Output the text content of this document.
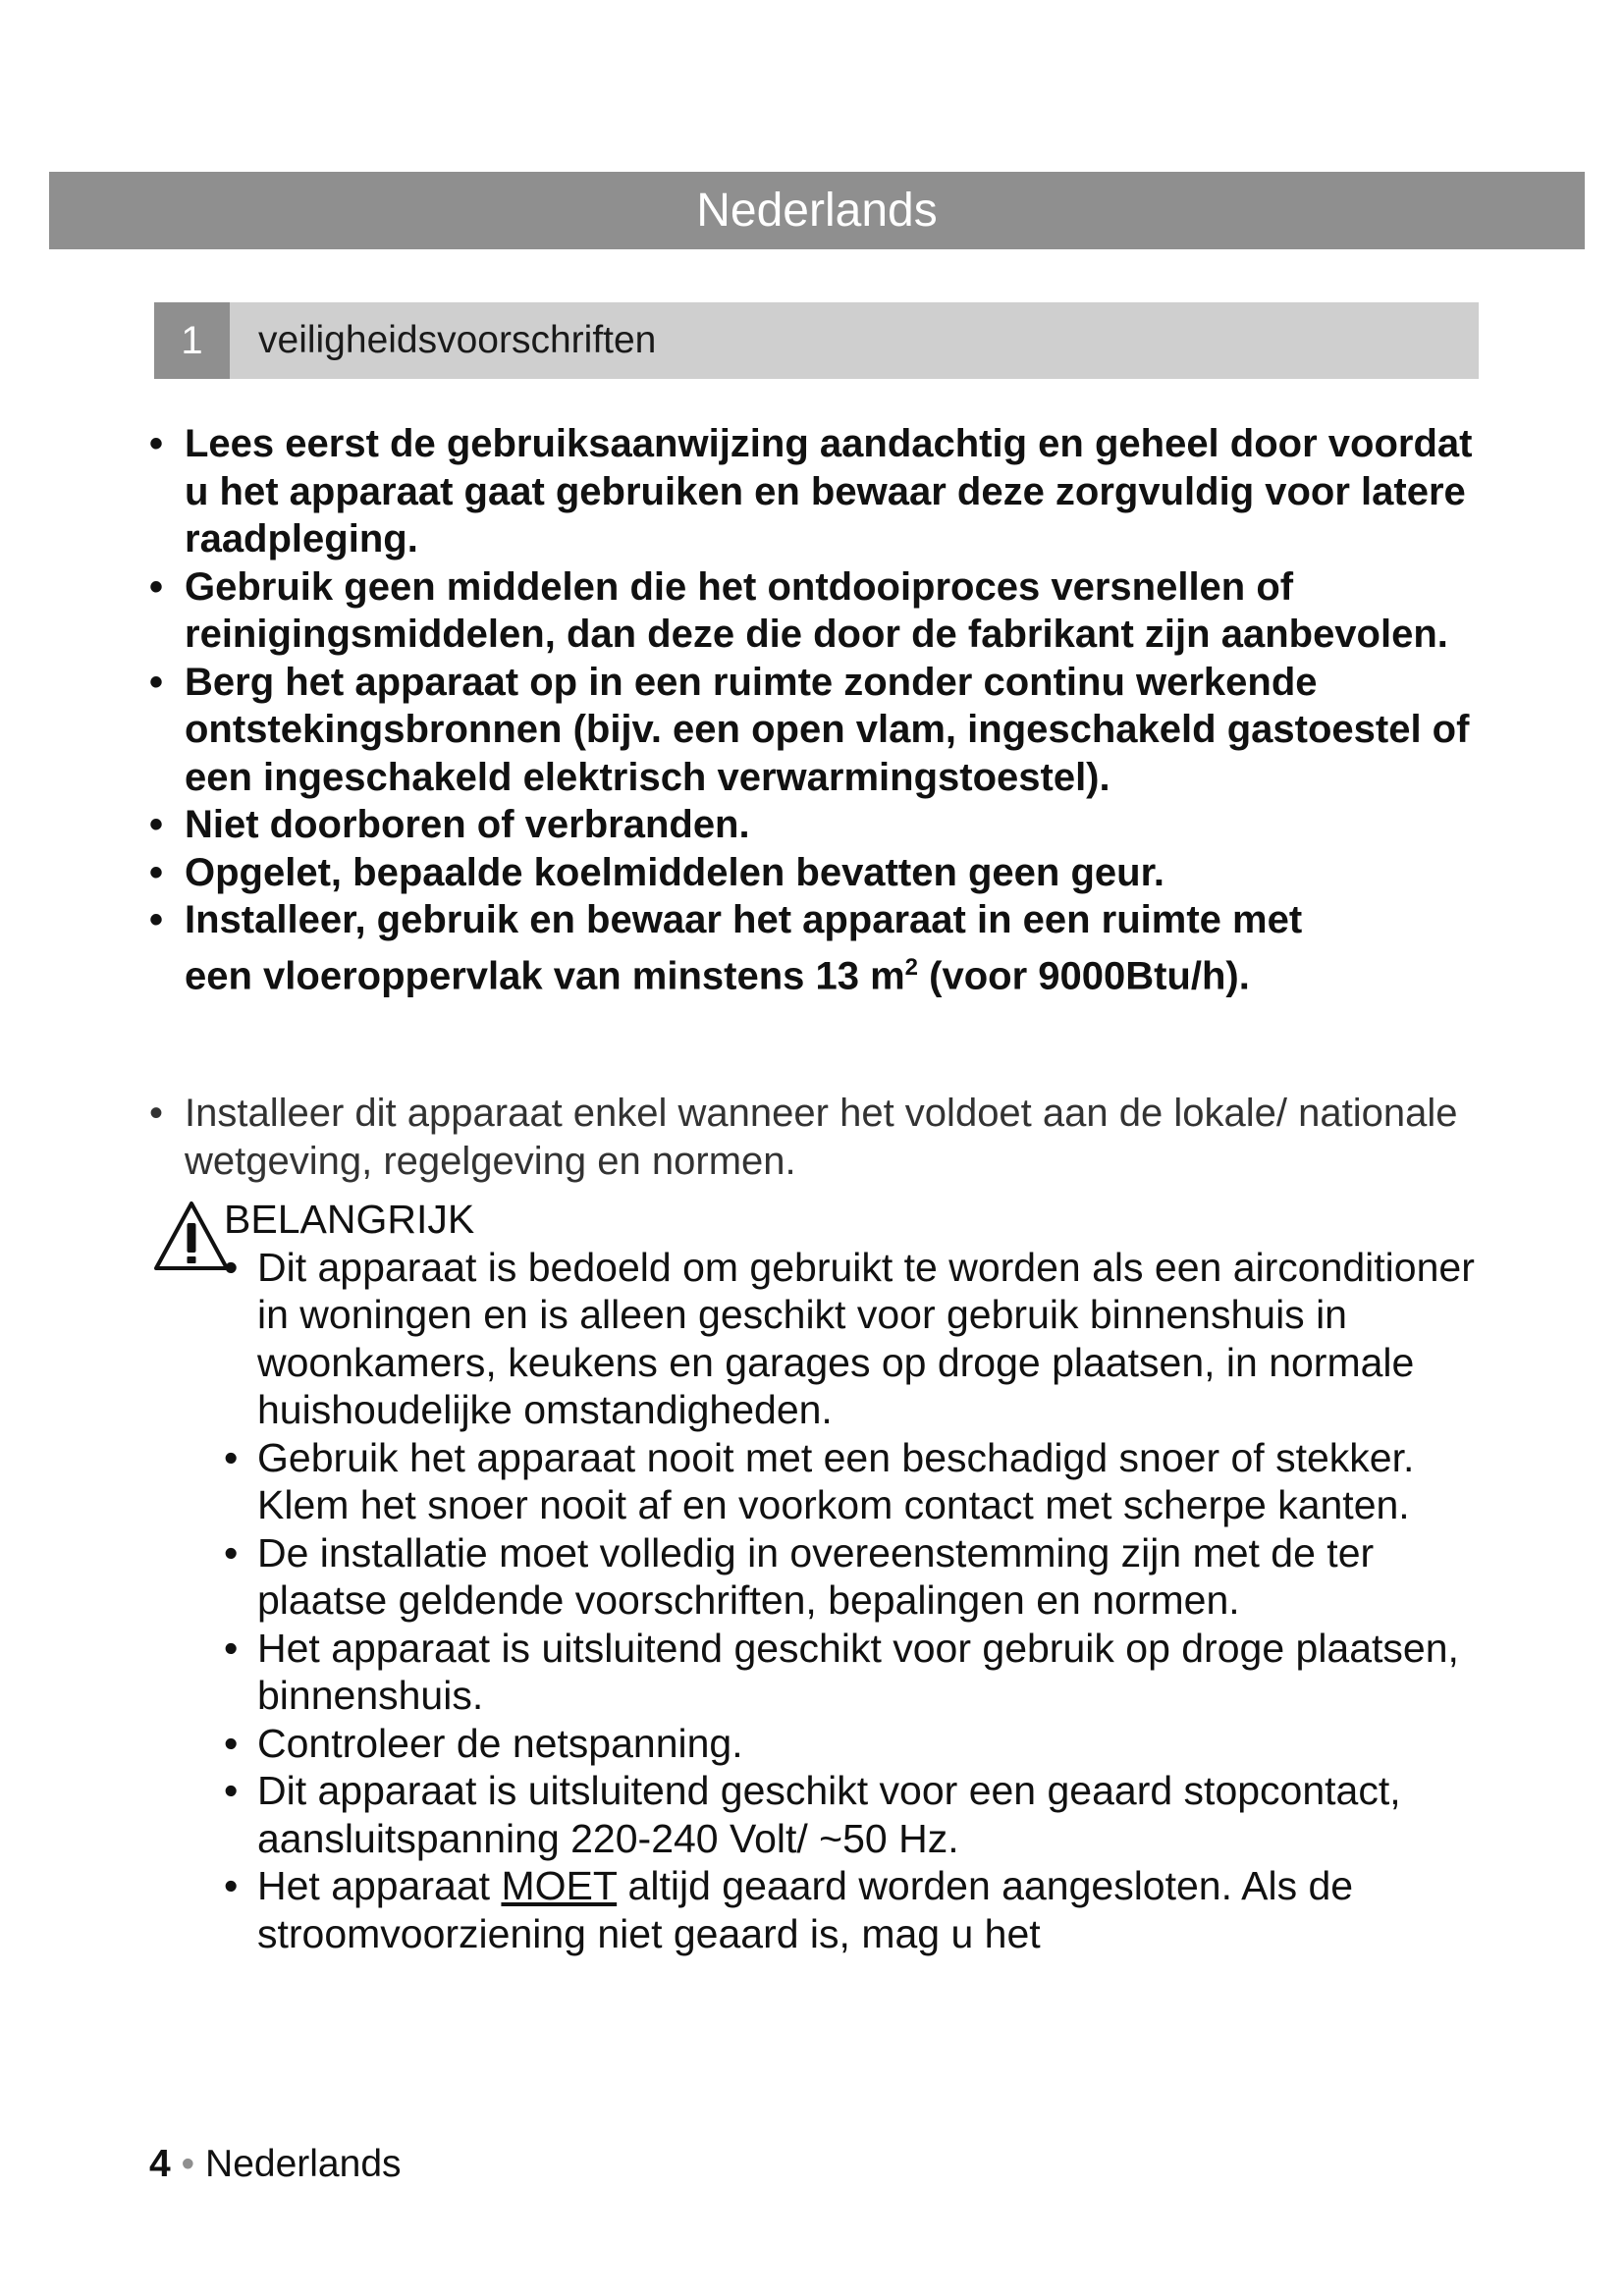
Nederlands
1	veiligheidsvoorschriften
• Lees eerst de gebruiksaanwijzing aandachtig en geheel door voordat u het apparaat gaat gebruiken en bewaar deze zorgvuldig voor latere raadpleging.
• Gebruik geen middelen die het ontdooiproces versnellen of reinigingsmiddelen, dan deze die door de fabrikant zijn aanbevolen.
• Berg het apparaat op in een ruimte zonder continu werkende ontstekingsbronnen (bijv. een open vlam, ingeschakeld gastoestel of een ingeschakeld elektrisch verwarmingstoestel).
• Niet doorboren of verbranden.
• Opgelet, bepaalde koelmiddelen bevatten geen geur.
• Installeer, gebruik en bewaar het apparaat in een ruimte met
een vloeroppervlak van minstens 13 $m^2$ (voor 9000Btu/h).
• Installeer dit apparaat enkel wanneer het voldoet aan de lokale/ nationale wetgeving, regelgeving en normen.
BELANGRIJK
• Dit apparaat is bedoeld om gebruikt te worden als een airconditioner in woningen en is alleen geschikt voor gebruik binnenshuis in woonkamers, keukens en garages op droge plaatsen, in normale huishoudelijke omstandigheden.
• Gebruik het apparaat nooit met een beschadigd snoer of stekker. Klem het snoer nooit af en voorkom contact met scherpe kanten.
• De installatie moet volledig in overeenstemming zijn met de ter plaatse geldende voorschriften, bepalingen en normen.
• Het apparaat is uitsluitend geschikt voor gebruik op droge plaatsen, binnenshuis.
• Controleer de netspanning.
• Dit apparaat is uitsluitend geschikt voor een geaard stopcontact, aansluitspanning 220-240 Volt/ ~50 Hz.
• Het apparaat MOET altijd geaard worden aangesloten. Als de stroomvoorziening niet geaard is, mag u het
4 • Nederlands
